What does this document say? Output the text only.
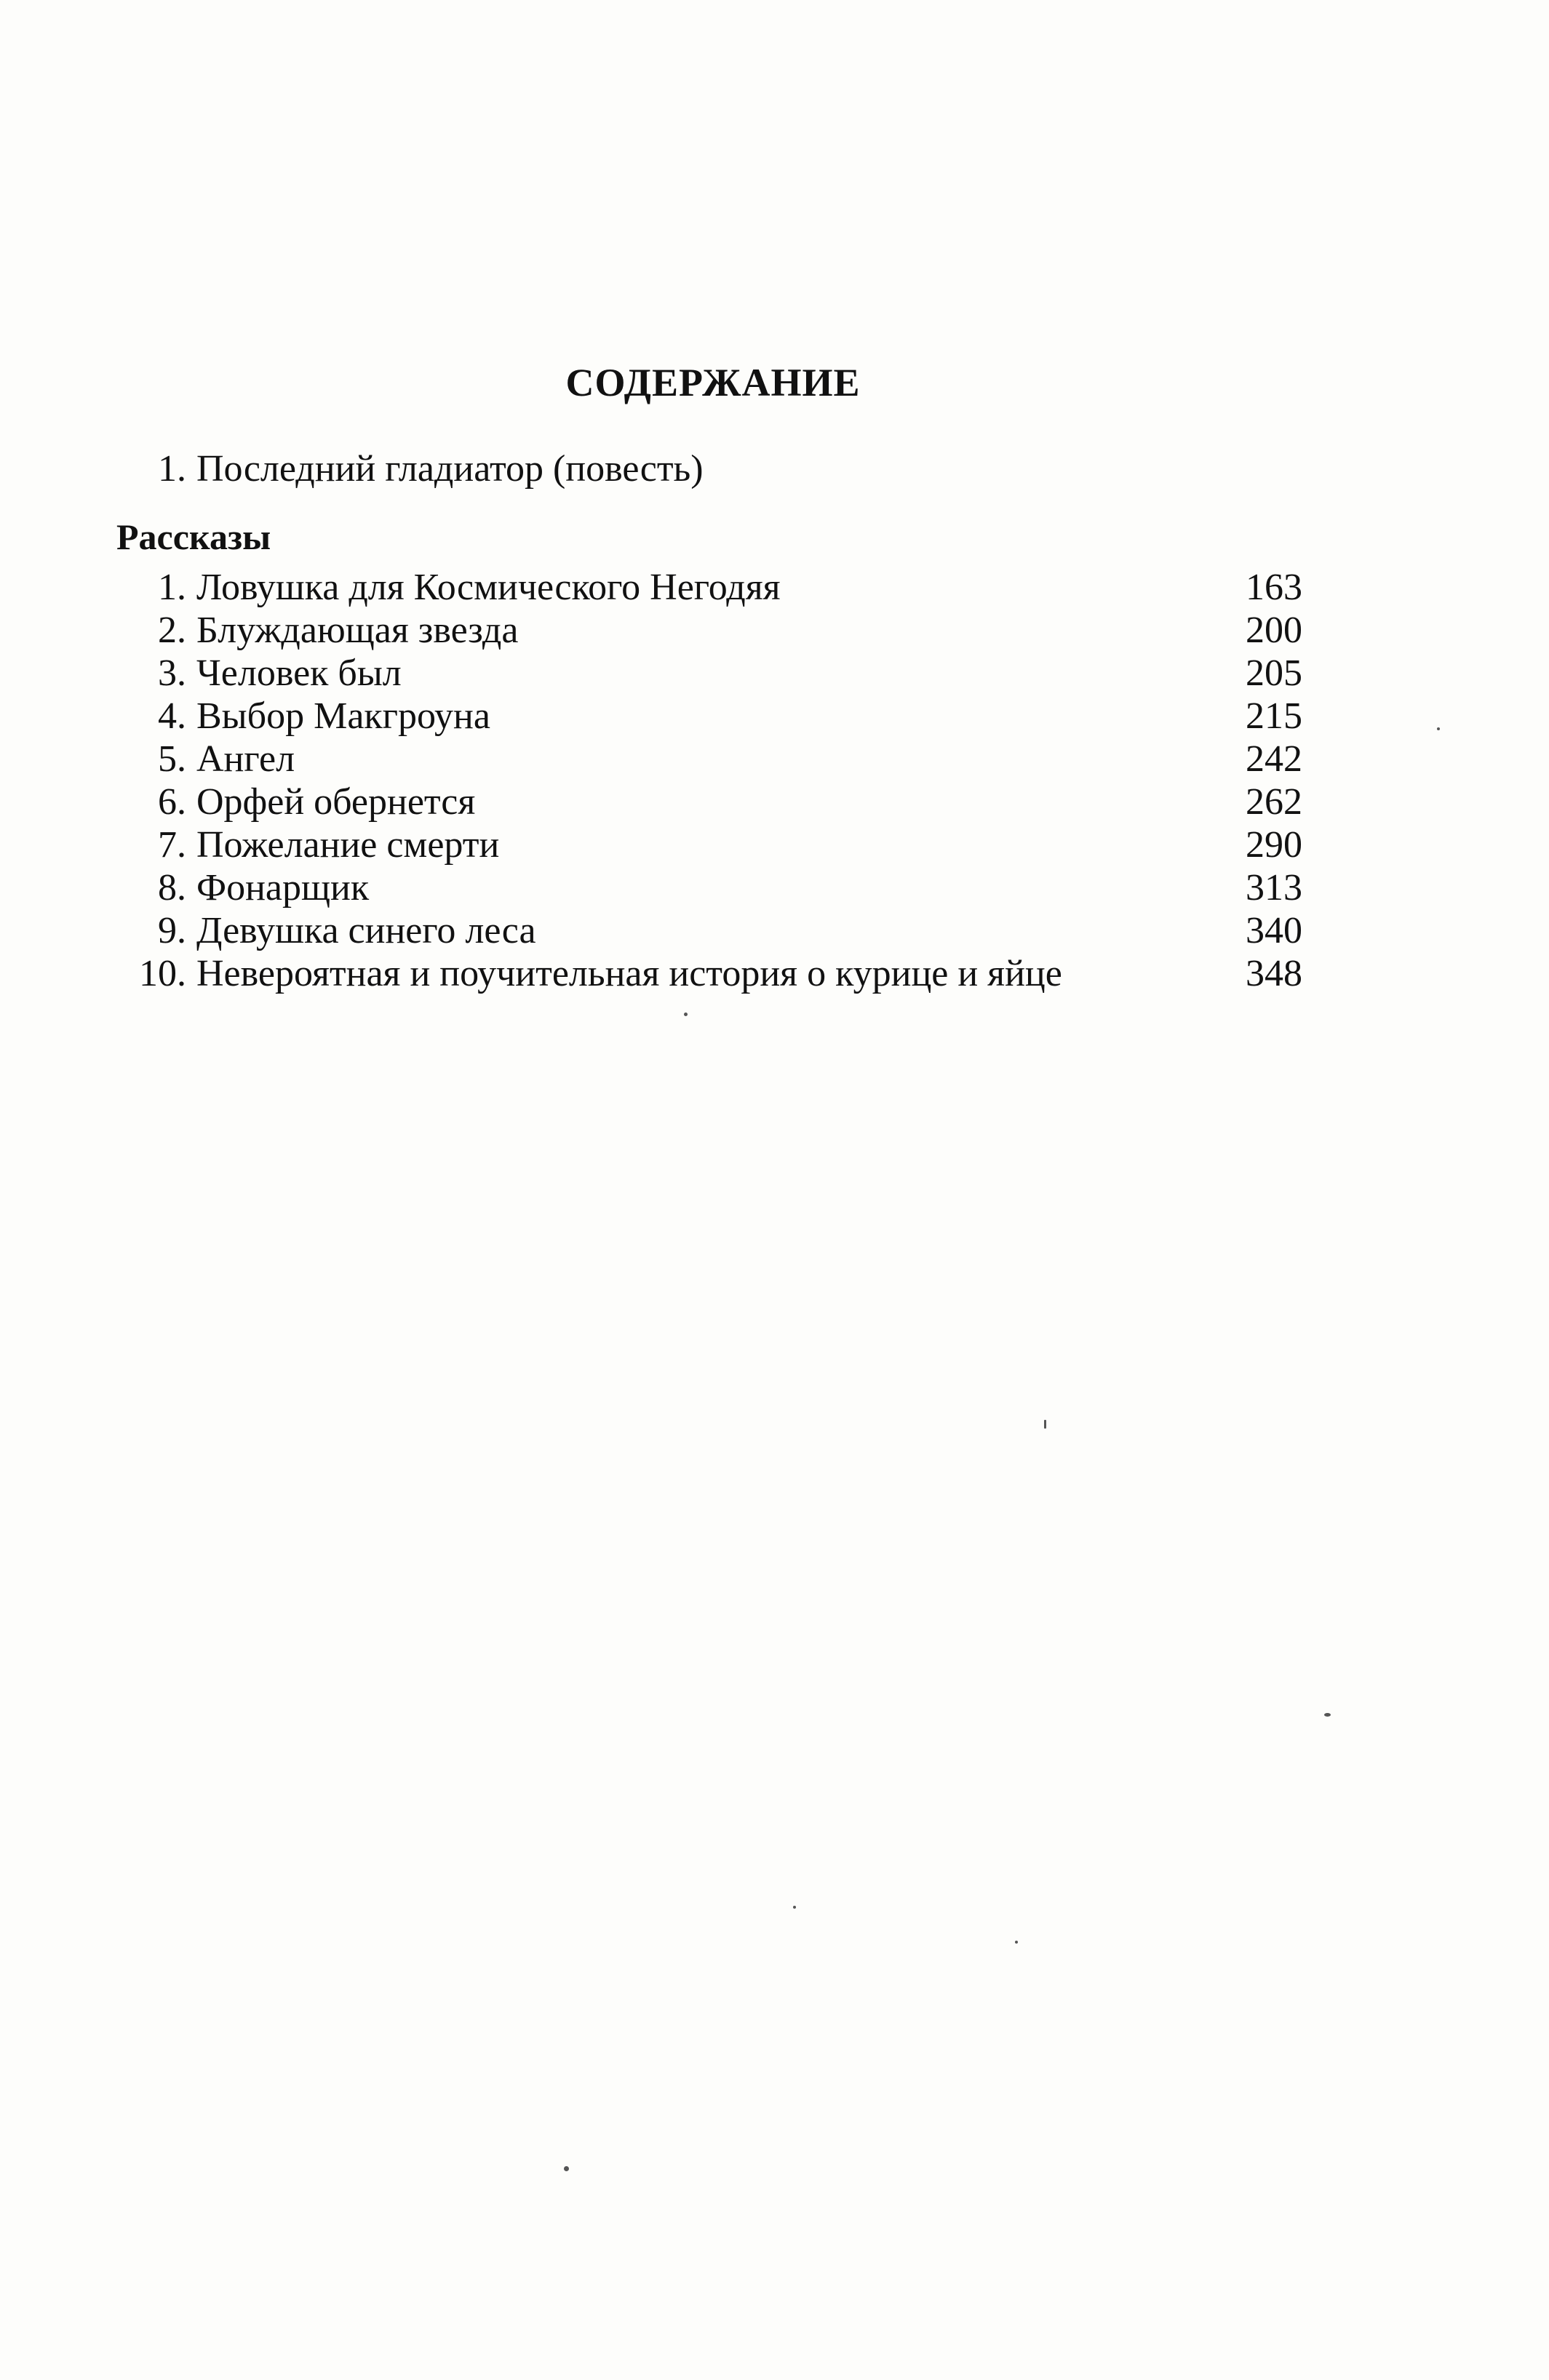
СОДЕРЖАНИЕ
1. Последний гладиатор (повесть)
Рассказы
1. Ловушка для Космического Негодяя	163
2. Блуждающая звезда	200
3. Человек был	205
4. Выбор Макгроуна	215
5. Ангел	242
6. Орфей обернется	262
7. Пожелание смерти	290
8. Фонарщик	313
9. Девушка синего леса	340
10. Невероятная и поучительная история о курице и яйце	348
